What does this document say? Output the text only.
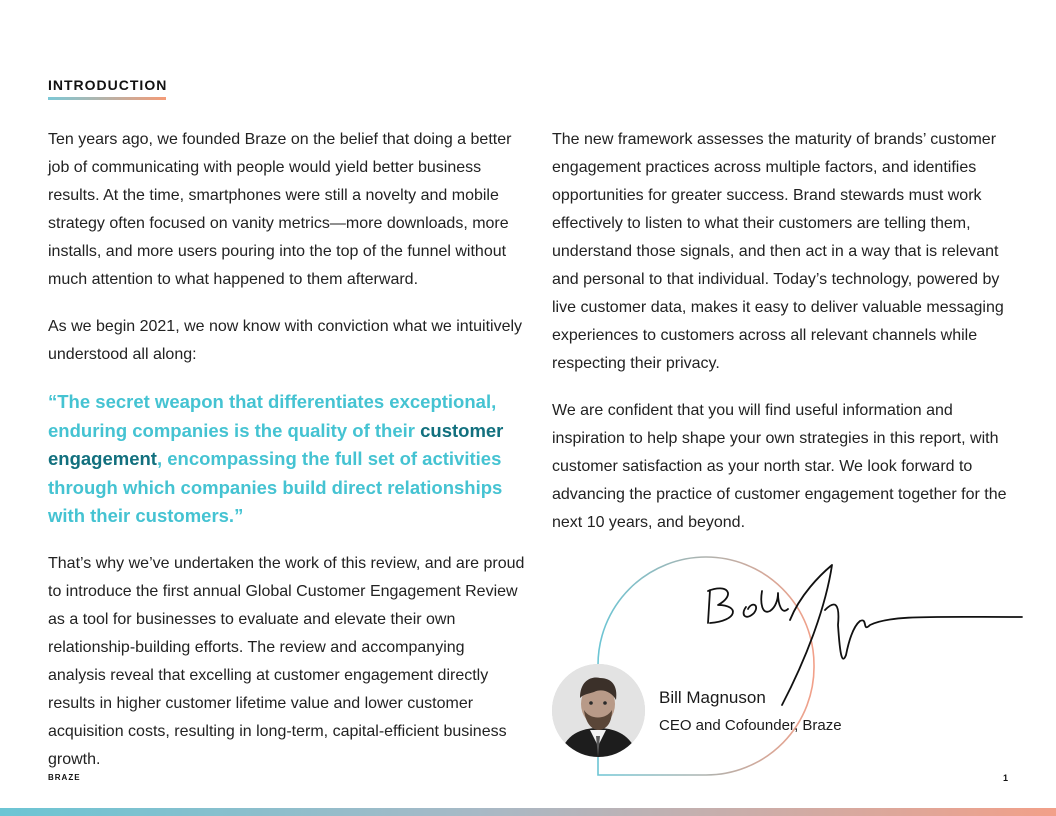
INTRODUCTION

Ten years ago, we founded Braze on the belief that doing a better job of communicating with people would yield better business results. At the time, smartphones were still a novelty and mobile strategy often focused on vanity metrics—more downloads, more installs, and more users pouring into the top of the funnel without much attention to what happened to them afterward.

As we begin 2021, we now know with conviction what we intuitively understood all along:

“The secret weapon that differentiates exceptional, enduring companies is the quality of their customer engagement, encompassing the full set of activities through which companies build direct relationships with their customers.”

That’s why we’ve undertaken the work of this review, and are proud to introduce the first annual Global Customer Engagement Review as a tool for businesses to evaluate and elevate their own relationship-building efforts. The review and accompanying analysis reveal that excelling at customer engagement directly results in higher customer lifetime value and lower customer acquisition costs, resulting in long-term, capital-efficient business growth.

The new framework assesses the maturity of brands’ customer engagement practices across multiple factors, and identifies opportunities for greater success. Brand stewards must work effectively to listen to what their customers are telling them, understand those signals, and then act in a way that is relevant and personal to that individual. Today’s technology, powered by live customer data, makes it easy to deliver valuable messaging experiences to customers across all relevant channels while respecting their privacy.

We are confident that you will find useful information and inspiration to help shape your own strategies in this report, with customer satisfaction as your north star. We look forward to advancing the practice of customer engagement together for the next 10 years, and beyond.

Bill Magnuson
CEO and Cofounder, Braze
BRAZE	1
